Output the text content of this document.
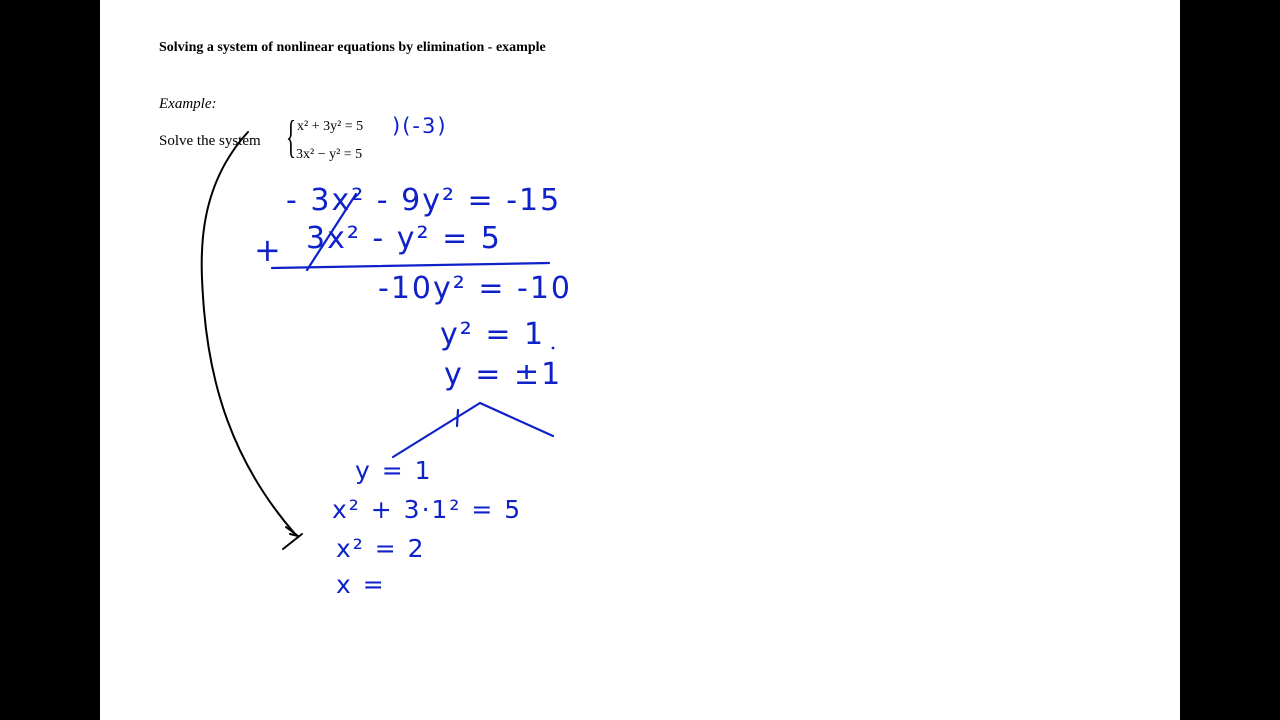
Solving a system of nonlinear equations by elimination - example
Example:
Solve the system { x² + 3y² = 5
3x² − y² = 5
)(-3)
- 3x² - 9y² = -15
+ 3x² - y² = 5
-10y² = -10
y² = 1
y = ±1
y = 1
x² + 3·1² = 5
x² = 2
x =
